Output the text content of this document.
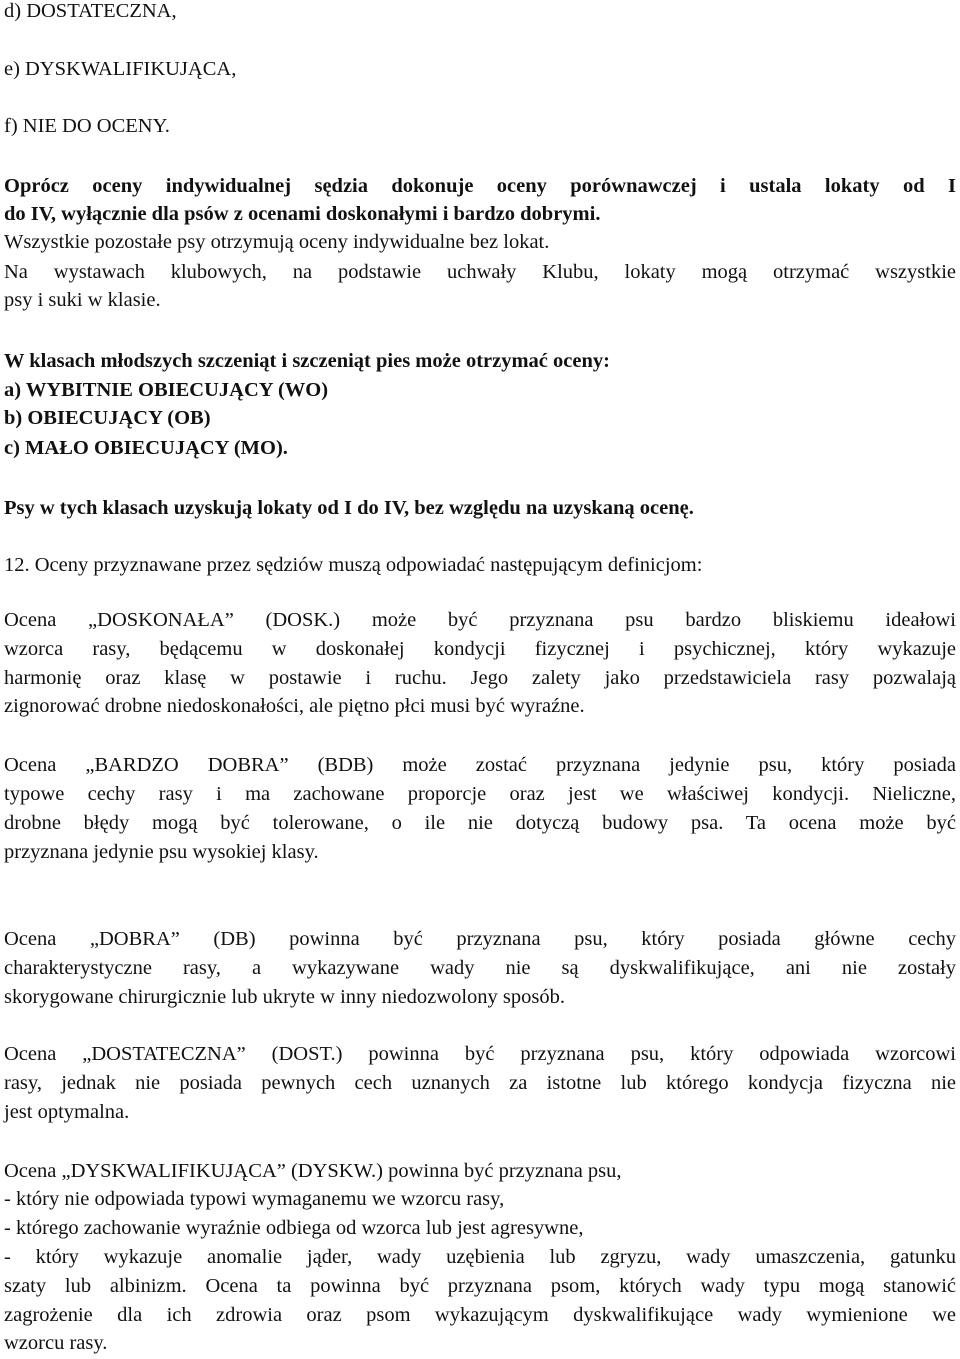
d) DOSTATECZNA,
e) DYSKWALIFIKUJĄCA,
f) NIE DO OCENY.
Oprócz oceny indywidualnej sędzia dokonuje oceny porównawczej i ustala lokaty od I
do IV, wyłącznie dla psów z ocenami doskonałymi i bardzo dobrymi.
Wszystkie pozostałe psy otrzymują oceny indywidualne bez lokat.
Na wystawach klubowych, na podstawie uchwały Klubu, lokaty mogą otrzymać wszystkie
psy i suki w klasie.
W klasach młodszych szczeniąt i szczeniąt pies może otrzymać oceny:
a) WYBITNIE OBIECUJĄCY (WO)
b) OBIECUJĄCY (OB)
c) MAŁO OBIECUJĄCY (MO).
Psy w tych klasach uzyskują lokaty od I do IV, bez względu na uzyskaną ocenę.
12. Oceny przyznawane przez sędziów muszą odpowiadać następującym definicjom:
Ocena „DOSKONAŁA” (DOSK.) może być przyznana psu bardzo bliskiemu ideałowi
wzorca rasy, będącemu w doskonałej kondycji fizycznej i psychicznej, który wykazuje
harmonię oraz klasę w postawie i ruchu. Jego zalety jako przedstawiciela rasy pozwalają
zignorować drobne niedoskonałości, ale piętno płci musi być wyraźne.
Ocena „BARDZO DOBRA” (BDB) może zostać przyznana jedynie psu, który posiada
typowe cechy rasy i ma zachowane proporcje oraz jest we właściwej kondycji. Nieliczne,
drobne błędy mogą być tolerowane, o ile nie dotyczą budowy psa. Ta ocena może być
przyznana jedynie psu wysokiej klasy.
Ocena „DOBRA” (DB) powinna być przyznana psu, który posiada główne cechy
charakterystyczne rasy, a wykazywane wady nie są dyskwalifikujące, ani nie zostały
skorygowane chirurgicznie lub ukryte w inny niedozwolony sposób.
Ocena „DOSTATECZNA” (DOST.) powinna być przyznana psu, który odpowiada wzorcowi
rasy, jednak nie posiada pewnych cech uznanych za istotne lub którego kondycja fizyczna nie
jest optymalna.
Ocena „DYSKWALIFIKUJĄCA” (DYSKW.) powinna być przyznana psu,
- który nie odpowiada typowi wymaganemu we wzorcu rasy,
- którego zachowanie wyraźnie odbiega od wzorca lub jest agresywne,
- który wykazuje anomalie jąder, wady uzębienia lub zgryzu, wady umaszczenia, gatunku
szaty lub albinizm. Ocena ta powinna być przyznana psom, których wady typu mogą stanowić
zagrożenie dla ich zdrowia oraz psom wykazującym dyskwalifikujące wady wymienione we
wzorcu rasy.
